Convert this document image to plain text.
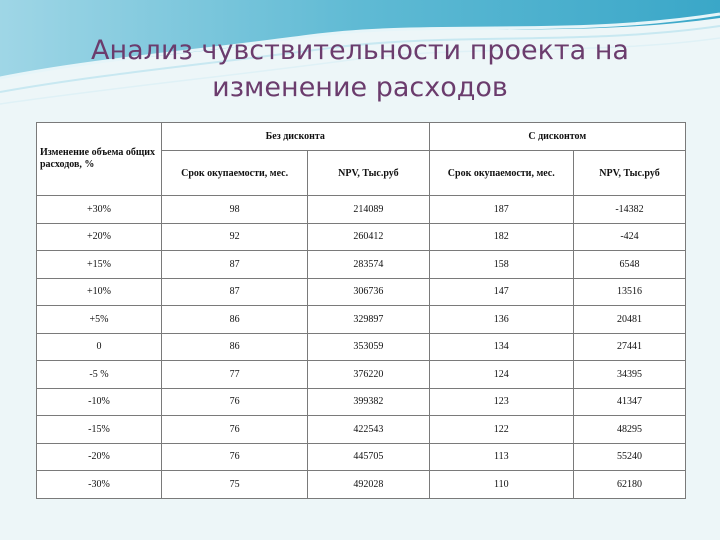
Анализ чувствительности проекта на
изменение расходов
Изменение объема общих расходов, %	Без дисконта		С дисконтом	
	Срок окупаемости, мес.	NPV, Тыс.руб	Срок окупаемости, мес.	NPV, Тыс.руб
+30%	98	214089	187	-14382
+20%	92	260412	182	-424
+15%	87	283574	158	6548
+10%	87	306736	147	13516
+5%	86	329897	136	20481
0	86	353059	134	27441
-5 %	77	376220	124	34395
-10%	76	399382	123	41347
-15%	76	422543	122	48295
-20%	76	445705	113	55240
-30%	75	492028	110	62180
